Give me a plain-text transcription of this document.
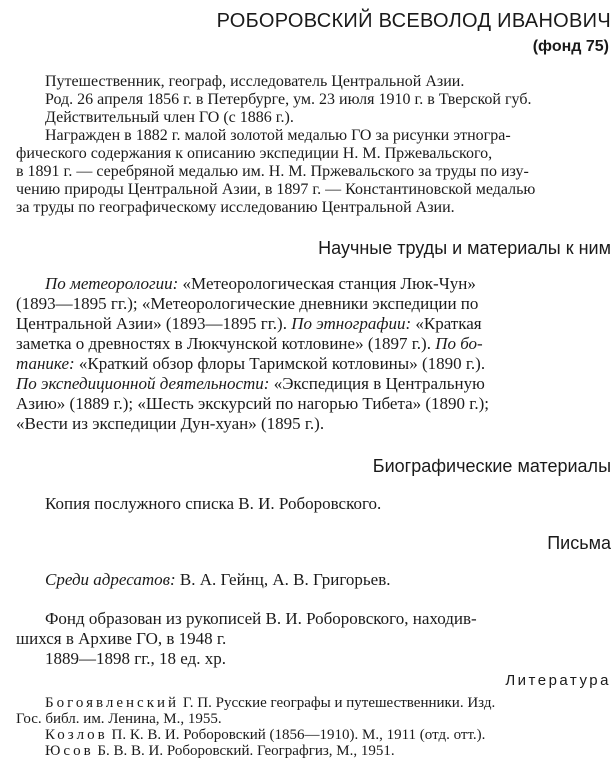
РОБОРОВСКИЙ ВСЕВОЛОД ИВАНОВИЧ
(фонд 75)
Путешественник, географ, исследователь Центральной Азии.
Род. 26 апреля 1856 г. в Петербурге, ум. 23 июля 1910 г. в Тверской губ.
Действительный член ГО (с 1886 г.).
Награжден в 1882 г. малой золотой медалью ГО за рисунки этногра-
фического содержания к описанию экспедиции Н. М. Пржевальского,
в 1891 г. — серебряной медалью им. Н. М. Пржевальского за труды по изу-
чению природы Центральной Азии, в 1897 г. — Константиновской медалью
за труды по географическому исследованию Центральной Азии.
Научные труды и материалы к ним
По метеорологии: «Метеорологическая станция Люк-Чун»
(1893—1895 гг.); «Метеорологические дневники экспедиции по
Центральной Азии» (1893—1895 гг.). По этнографии: «Краткая
заметка о древностях в Люкчунской котловине» (1897 г.). По бо-
танике: «Краткий обзор флоры Таримской котловины» (1890 г.).
По экспедиционной деятельности: «Экспедиция в Центральную
Азию» (1889 г.); «Шесть экскурсий по нагорью Тибета» (1890 г.);
«Вести из экспедиции Дун-хуан» (1895 г.).
Биографические материалы
Копия послужного списка В. И. Роборовского.
Письма
Среди адресатов: В. А. Гейнц, А. В. Григорьев.
Фонд образован из рукописей В. И. Роборовского, находив-
шихся в Архиве ГО, в 1948 г.
1889—1898 гг., 18 ед. хр.
Литература
Богоявленский Г. П. Русские географы и путешественники. Изд.
Гос. библ. им. Ленина, М., 1955.
Козлов П. К. В. И. Роборовский (1856—1910). М., 1911 (отд. отт.).
Юсов Б. В. В. И. Роборовский. Географгиз, М., 1951.
